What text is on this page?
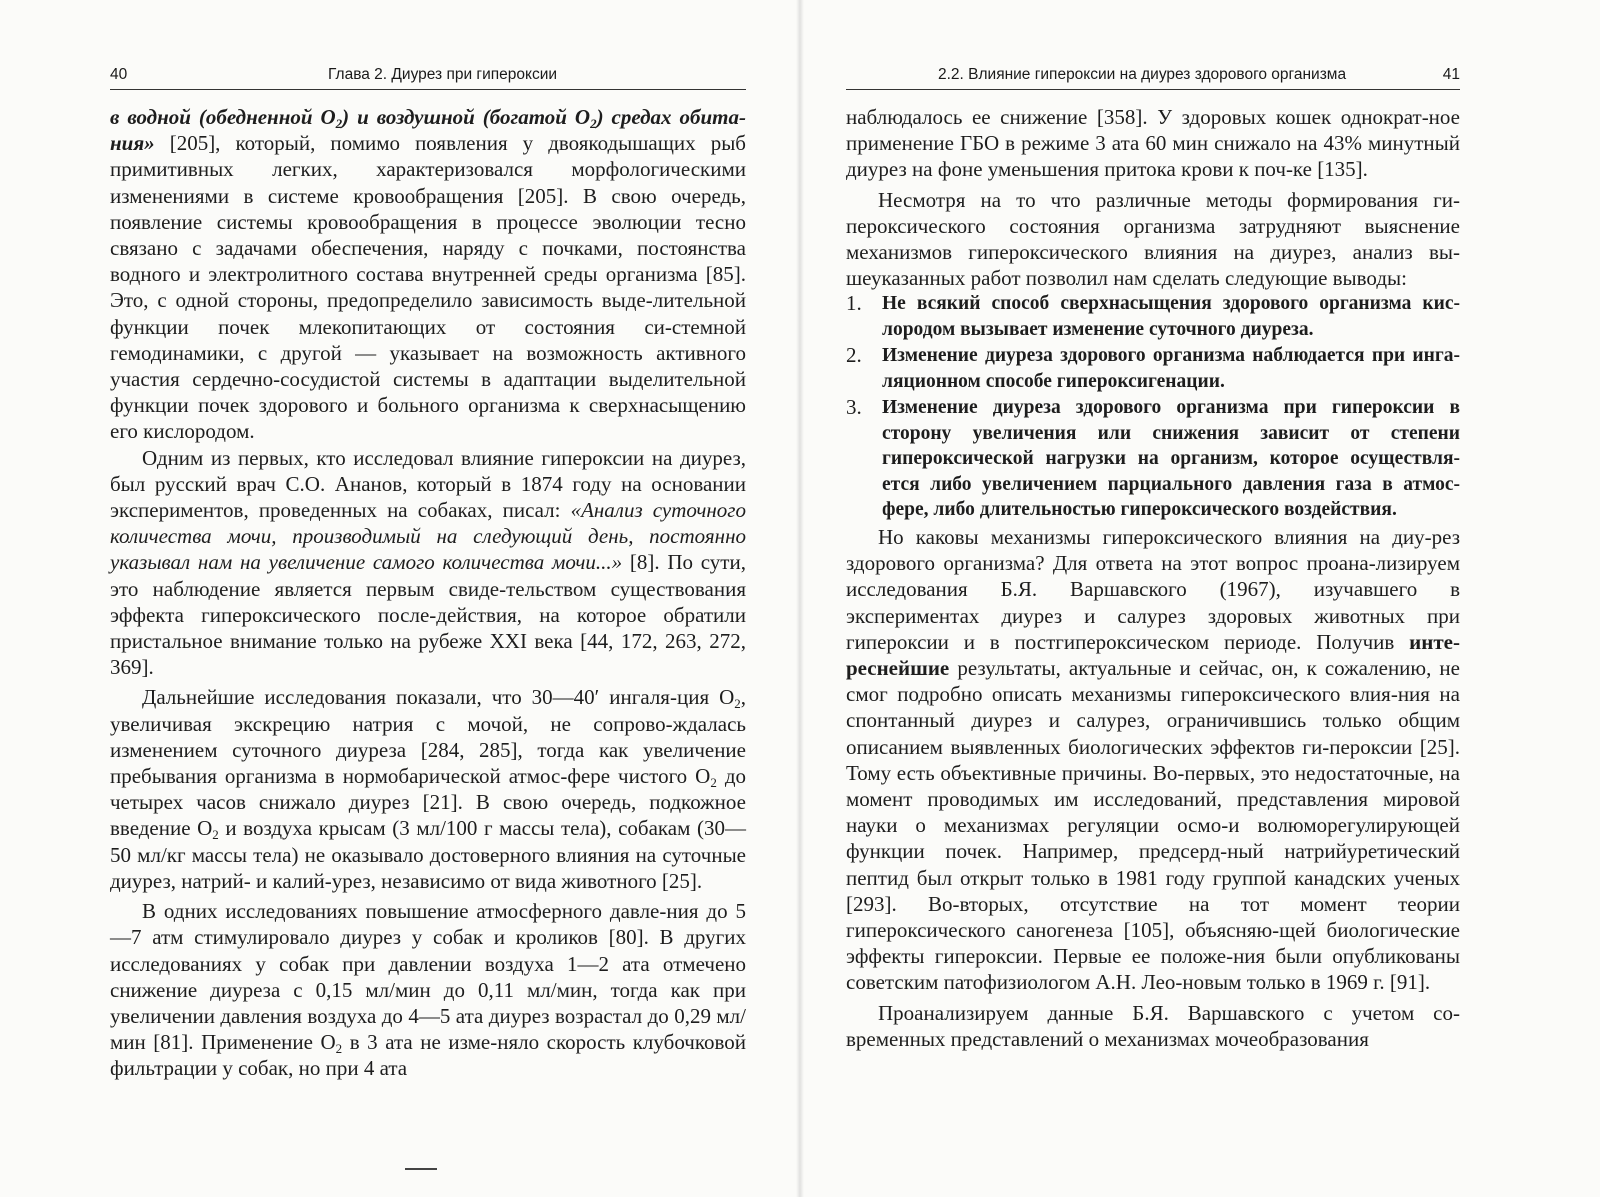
40	Глава 2. Диурез при гипероксии

в водной (обедненной $О_2$) и воздушной (богатой $О_2$) средах обита-ния» [205], который, помимо появления у двоякодышащих рыб примитивных легких, характеризовался морфологическими изменениями в системе кровообращения [205]. В свою очередь, появление системы кровообращения в процессе эволюции тесно связано с задачами обеспечения, наряду с почками, постоянства водного и электролитного состава внутренней среды организма [85]. Это, с одной стороны, предопределило зависимость выде-лительной функции почек млекопитающих от состояния си-стемной гемодинамики, с другой — указывает на возможность активного участия сердечно-сосудистой системы в адаптации выделительной функции почек здорового и больного организма к сверхнасыщению его кислородом.

Одним из первых, кто исследовал влияние гипероксии на диурез, был русский врач С.О. Ананов, который в 1874 году на основании экспериментов, проведенных на собаках, писал: «Анализ суточного количества мочи, производимый на следующий день, постоянно указывал нам на увеличение самого количества мочи...» [8]. По сути, это наблюдение является первым свиде-тельством существования эффекта гипероксического после-действия, на которое обратили пристальное внимание только на рубеже XXI века [44, 172, 263, 272, 369].

Дальнейшие исследования показали, что 30—40′ ингаля-ция $О_2$, увеличивая экскрецию натрия с мочой, не сопрово-ждалась изменением суточного диуреза [284, 285], тогда как увеличение пребывания организма в нормобарической атмос-фере чистого $О_2$ до четырех часов снижало диурез [21]. В свою очередь, подкожное введение $О_2$ и воздуха крысам (3 мл/100 г массы тела), собакам (30—50 мл/кг массы тела) не оказывало достоверного влияния на суточные диурез, натрий- и калий-урез, независимо от вида животного [25].

В одних исследованиях повышение атмосферного давле-ния до 5—7 атм стимулировало диурез у собак и кроликов [80]. В других исследованиях у собак при давлении воздуха 1—2 ата отмечено снижение диуреза с 0,15 мл/мин до 0,11 мл/мин, тогда как при увеличении давления воздуха до 4—5 ата диурез возрастал до 0,29 мл/мин [81]. Применение $О_2$ в 3 ата не изме-няло скорость клубочковой фильтрации у собак, но при 4 ата

2.2. Влияние гипероксии на диурез здорового организма	41

наблюдалось ее снижение [358]. У здоровых кошек однократ-ное применение ГБО в режиме 3 ата 60 мин снижало на 43% минутный диурез на фоне уменьшения притока крови к поч-ке [135].

Несмотря на то что различные методы формирования ги-пероксического состояния организма затрудняют выяснение механизмов гипероксического влияния на диурез, анализ вы-шеуказанных работ позволил нам сделать следующие выводы:

1. Не всякий способ сверхнасыщения здорового организма кис-лородом вызывает изменение суточного диуреза.
2. Изменение диуреза здорового организма наблюдается при инга-ляционном способе гипероксигенации.
3. Изменение диуреза здорового организма при гипероксии в сторону увеличения или снижения зависит от степени гипероксической нагрузки на организм, которое осуществля-ется либо увеличением парциального давления газа в атмос-фере, либо длительностью гипероксического воздействия.

Но каковы механизмы гипероксического влияния на диу-рез здорового организма? Для ответа на этот вопрос проана-лизируем исследования Б.Я. Варшавского (1967), изучавшего в экспериментах диурез и салурез здоровых животных при гипероксии и в постгипероксическом периоде. Получив инте-реснейшие результаты, актуальные и сейчас, он, к сожалению, не смог подробно описать механизмы гипероксического влия-ния на спонтанный диурез и салурез, ограничившись только общим описанием выявленных биологических эффектов ги-пероксии [25]. Тому есть объективные причины. Во-первых, это недостаточные, на момент проводимых им исследований, представления мировой науки о механизмах регуляции осмо-и волюморегулирующей функции почек. Например, предсерд-ный натрийуретический пептид был открыт только в 1981 году группой канадских ученых [293]. Во-вторых, отсутствие на тот момент теории гипероксического саногенеза [105], объясняю-щей биологические эффекты гипероксии. Первые ее положе-ния были опубликованы советским патофизиологом А.Н. Лео-новым только в 1969 г. [91].

Проанализируем данные Б.Я. Варшавского с учетом со-временных представлений о механизмах мочеобразования
